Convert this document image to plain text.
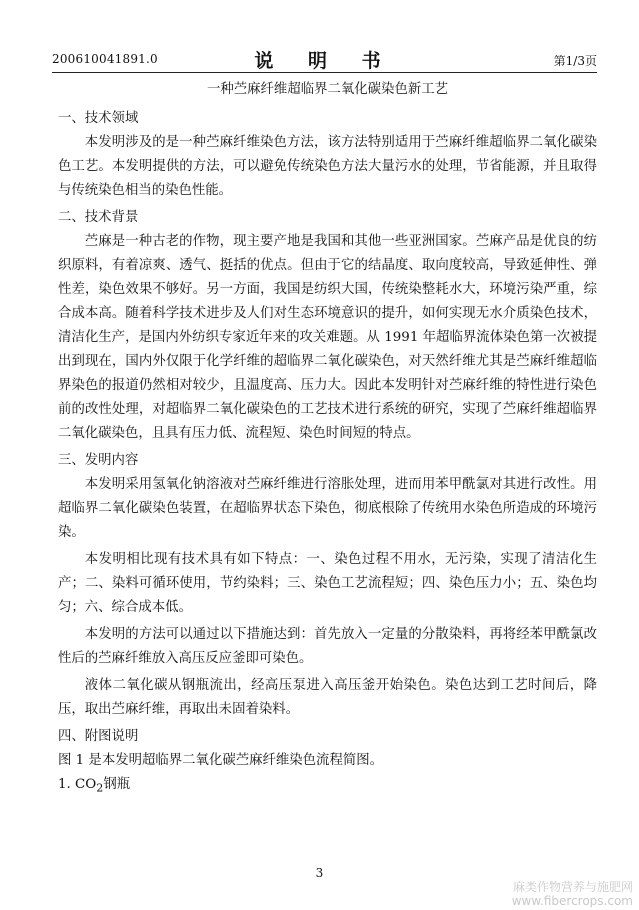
200610041891.0	说 明 书	第1/3页

一种苎麻纤维超临界二氧化碳染色新工艺

一、技术领域

本发明涉及的是一种苎麻纤维染色方法，该方法特别适用于苎麻纤维超临界二氧化碳染色工艺。本发明提供的方法，可以避免传统染色方法大量污水的处理，节省能源，并且取得与传统染色相当的染色性能。

二、技术背景

苎麻是一种古老的作物，现主要产地是我国和其他一些亚洲国家。苎麻产品是优良的纺织原料，有着凉爽、透气、挺括的优点。但由于它的结晶度、取向度较高，导致延伸性、弹性差，染色效果不够好。另一方面，我国是纺织大国，传统染整耗水大，环境污染严重，综合成本高。随着科学技术进步及人们对生态环境意识的提升，如何实现无水介质染色技术，清洁化生产，是国内外纺织专家近年来的攻关难题。从 1991 年超临界流体染色第一次被提出到现在，国内外仅限于化学纤维的超临界二氧化碳染色，对天然纤维尤其是苎麻纤维超临界染色的报道仍然相对较少，且温度高、压力大。因此本发明针对苎麻纤维的特性进行染色前的改性处理，对超临界二氧化碳染色的工艺技术进行系统的研究，实现了苎麻纤维超临界二氧化碳染色，且具有压力低、流程短、染色时间短的特点。

三、发明内容

本发明采用氢氧化钠溶液对苎麻纤维进行溶胀处理，进而用苯甲酰氯对其进行改性。用超临界二氧化碳染色装置，在超临界状态下染色，彻底根除了传统用水染色所造成的环境污染。

本发明相比现有技术具有如下特点：一、染色过程不用水，无污染，实现了清洁化生产；二、染料可循环使用，节约染料；三、染色工艺流程短；四、染色压力小；五、染色均匀；六、综合成本低。

本发明的方法可以通过以下措施达到：首先放入一定量的分散染料，再将经苯甲酰氯改性后的苎麻纤维放入高压反应釜即可染色。

液体二氧化碳从钢瓶流出，经高压泵进入高压釜开始染色。染色达到工艺时间后，降压，取出苎麻纤维，再取出未固着染料。

四、附图说明

图 1 是本发明超临界二氧化碳苎麻纤维染色流程简图。

1. $CO_2$钢瓶

3
麻类作物营养与施肥网
www.fibercrops.com
